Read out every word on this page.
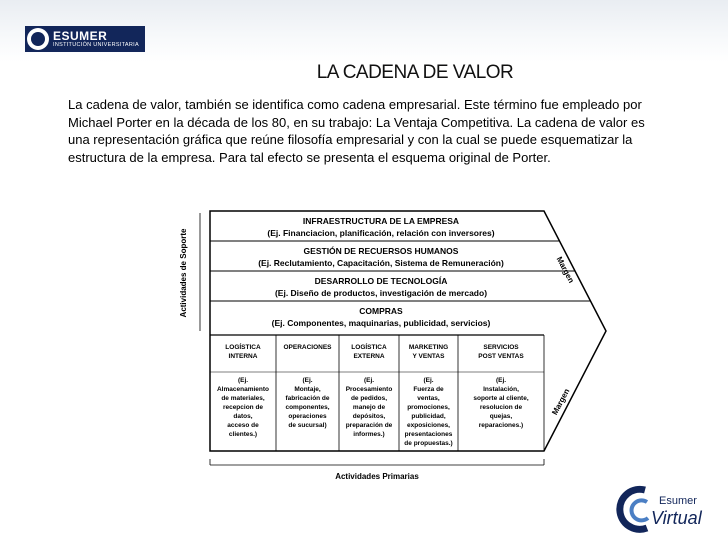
ESUMER
INSTITUCIÓN UNIVERSITARIA
LA CADENA DE VALOR
La cadena de valor, también se identifica como cadena empresarial. Este término fue empleado por Michael Porter en la década de los 80, en su trabajo: La Ventaja Competitiva. La cadena de valor es una representación gráfica que reúne filosofía empresarial y con la cual se puede esquematizar la estructura de la empresa. Para tal efecto se presenta el esquema original de Porter.
INFRAESTRUCTURA DE LA EMPRESA
(Ej. Financiacion, planificación, relación con inversores)
GESTIÓN DE RECUERSOS HUMANOS
(Ej. Reclutamiento, Capacitación, Sistema de Remuneración)
DESARROLLO DE TECNOLOGÍA
(Ej. Diseño de productos, investigación de mercado)
COMPRAS
(Ej. Componentes, maquinarias, publicidad, servicios)
LOGÍSTICA
INTERNA
(Ej.
Almacenamiento
de materiales,
recepcion de
datos,
acceso de
clientes.)
OPERACIONES
(Ej.
Montaje,
fabricación de
componentes,
operaciones
de sucursal)
LOGÍSTICA
EXTERNA
(Ej.
Procesamiento
de pedidos,
manejo de
depósitos,
preparación de
informes.)
MARKETING
Y VENTAS
(Ej.
Fuerza de
ventas,
promociones,
publicidad,
exposiciones,
presentaciones
de propuestas.)
SERVICIOS
POST VENTAS
(Ej.
Instalación,
soporte al cliente,
resolucion de
quejas,
reparaciones.)
Actividades de Soporte
Actividades Primarias
Margen
Margen
Esumer
Virtual
